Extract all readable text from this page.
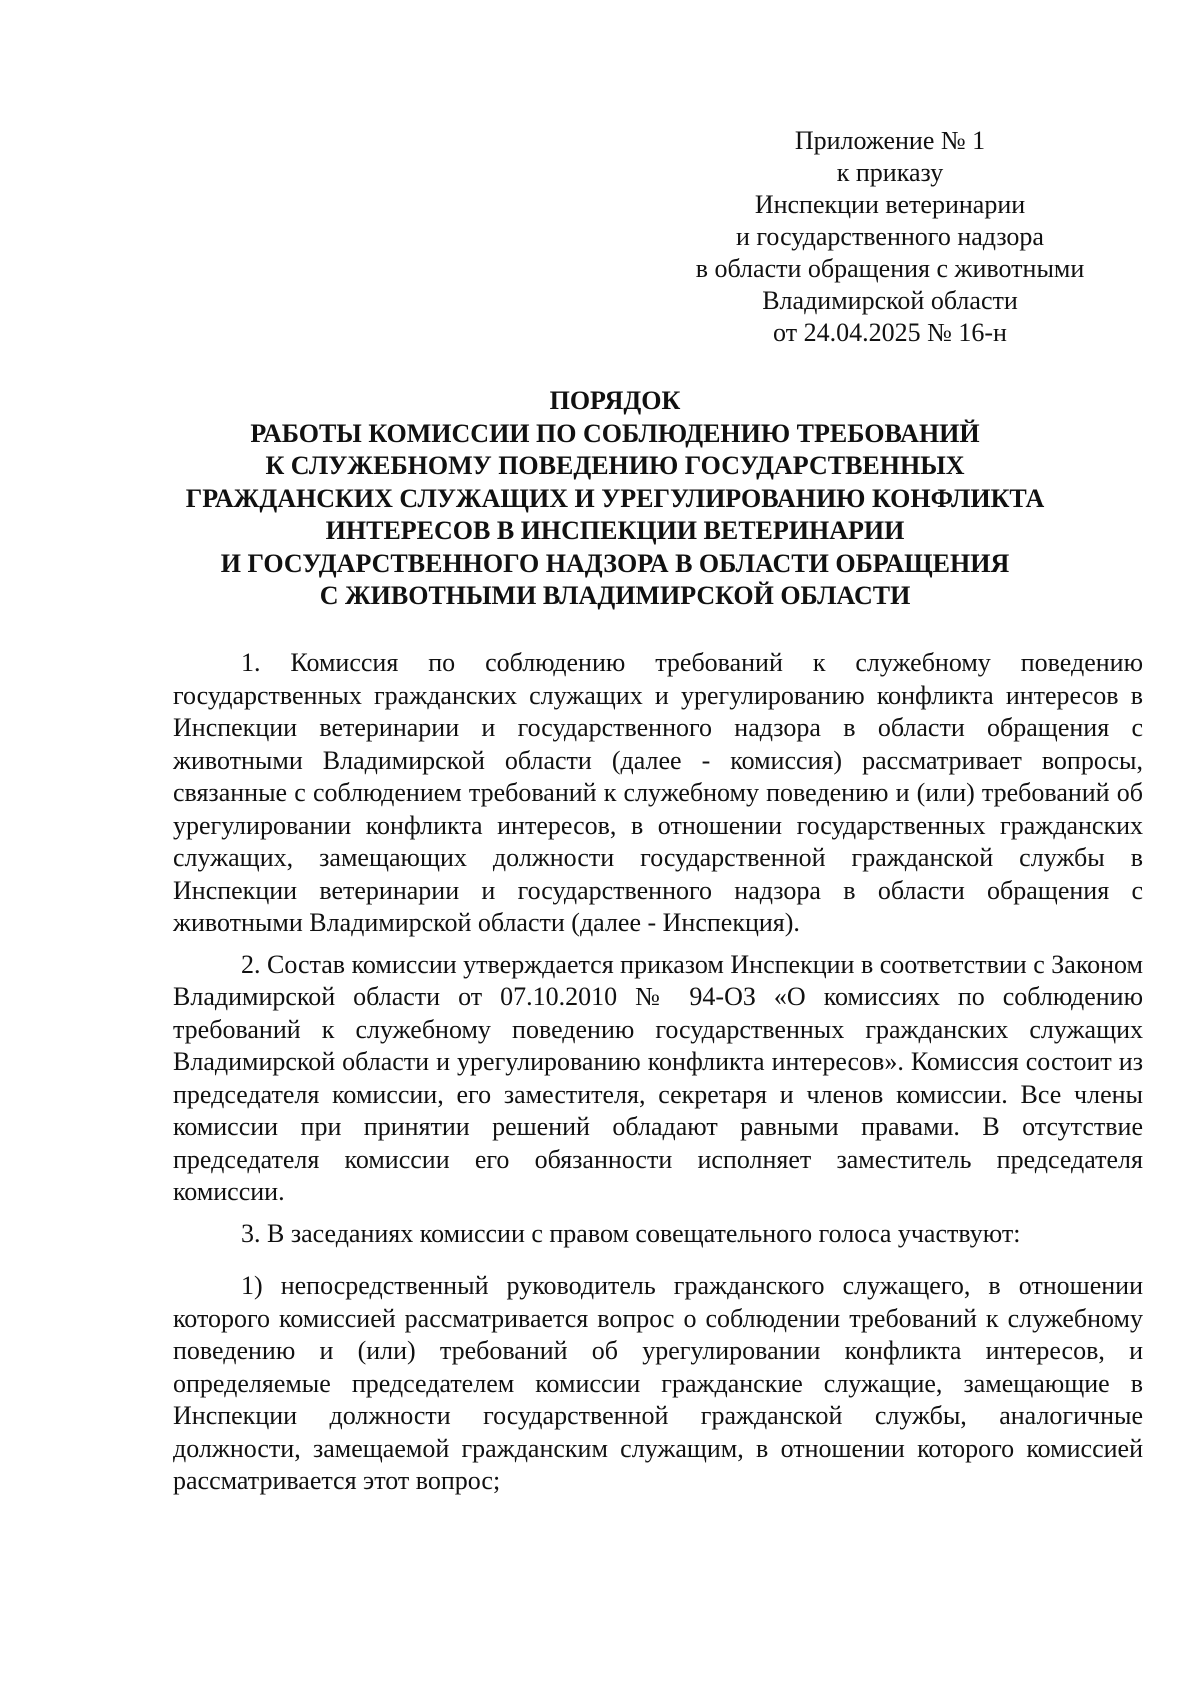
Приложение № 1
к приказу
Инспекции ветеринарии
и государственного надзора
в области обращения с животными
Владимирской области
от 24.04.2025 № 16-н
ПОРЯДОК
РАБОТЫ КОМИССИИ ПО СОБЛЮДЕНИЮ ТРЕБОВАНИЙ
К СЛУЖЕБНОМУ ПОВЕДЕНИЮ ГОСУДАРСТВЕННЫХ
ГРАЖДАНСКИХ СЛУЖАЩИХ И УРЕГУЛИРОВАНИЮ КОНФЛИКТА
ИНТЕРЕСОВ В ИНСПЕКЦИИ ВЕТЕРИНАРИИ
И ГОСУДАРСТВЕННОГО НАДЗОРА В ОБЛАСТИ ОБРАЩЕНИЯ
С ЖИВОТНЫМИ ВЛАДИМИРСКОЙ ОБЛАСТИ

1. Комиссия по соблюдению требований к служебному поведению государственных гражданских служащих и урегулированию конфликта интересов в Инспекции ветеринарии и государственного надзора в области обращения с животными Владимирской области (далее - комиссия) рассматривает вопросы, связанные с соблюдением требований к служебному поведению и (или) требований об урегулировании конфликта интересов, в отношении государственных гражданских служащих, замещающих должности государственной гражданской службы в Инспекции ветеринарии и государственного надзора в области обращения с животными Владимирской области (далее - Инспекция).

2. Состав комиссии утверждается приказом Инспекции в соответствии с Законом Владимирской области от 07.10.2010 № 94-ОЗ «О комиссиях по соблюдению требований к служебному поведению государственных гражданских служащих Владимирской области и урегулированию конфликта интересов». Комиссия состоит из председателя комиссии, его заместителя, секретаря и членов комиссии. Все члены комиссии при принятии решений обладают равными правами. В отсутствие председателя комиссии его обязанности исполняет заместитель председателя комиссии.

3. В заседаниях комиссии с правом совещательного голоса участвуют:

1) непосредственный руководитель гражданского служащего, в отношении которого комиссией рассматривается вопрос о соблюдении требований к служебному поведению и (или) требований об урегулировании конфликта интересов, и определяемые председателем комиссии гражданские служащие, замещающие в Инспекции должности государственной гражданской службы, аналогичные должности, замещаемой гражданским служащим, в отношении которого комиссией рассматривается этот вопрос;
